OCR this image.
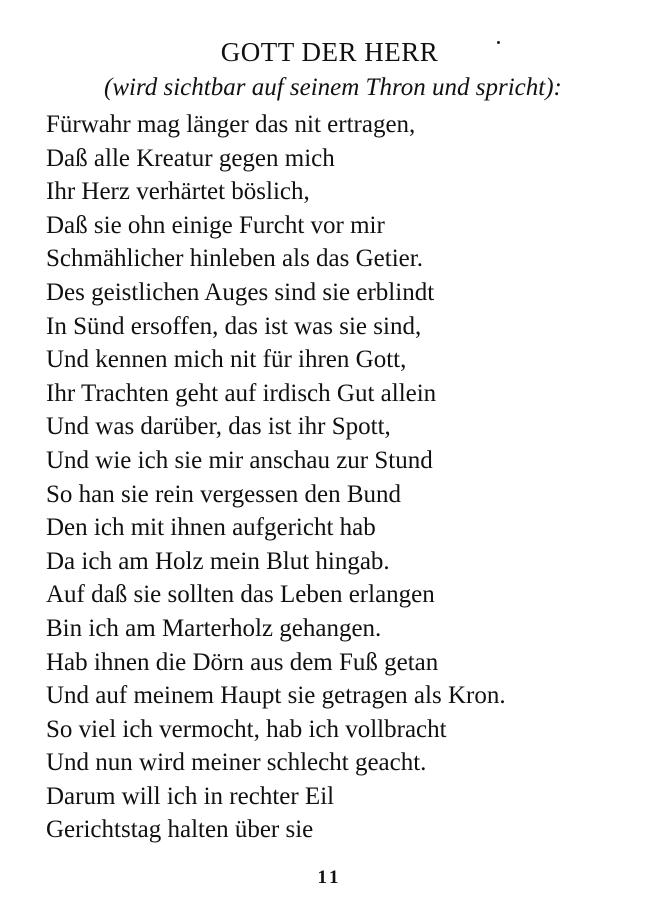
GOTT DER HERR
(wird sichtbar auf seinem Thron und spricht):
Fürwahr mag länger das nit ertragen,
Daß alle Kreatur gegen mich
Ihr Herz verhärtet böslich,
Daß sie ohn einige Furcht vor mir
Schmählicher hinleben als das Getier.
Des geistlichen Auges sind sie erblindt
In Sünd ersoffen, das ist was sie sind,
Und kennen mich nit für ihren Gott,
Ihr Trachten geht auf irdisch Gut allein
Und was darüber, das ist ihr Spott,
Und wie ich sie mir anschau zur Stund
So han sie rein vergessen den Bund
Den ich mit ihnen aufgericht hab
Da ich am Holz mein Blut hingab.
Auf daß sie sollten das Leben erlangen
Bin ich am Marterholz gehangen.
Hab ihnen die Dörn aus dem Fuß getan
Und auf meinem Haupt sie getragen als Kron.
So viel ich vermocht, hab ich vollbracht
Und nun wird meiner schlecht geacht.
Darum will ich in rechter Eil
Gerichtstag halten über sie
11
